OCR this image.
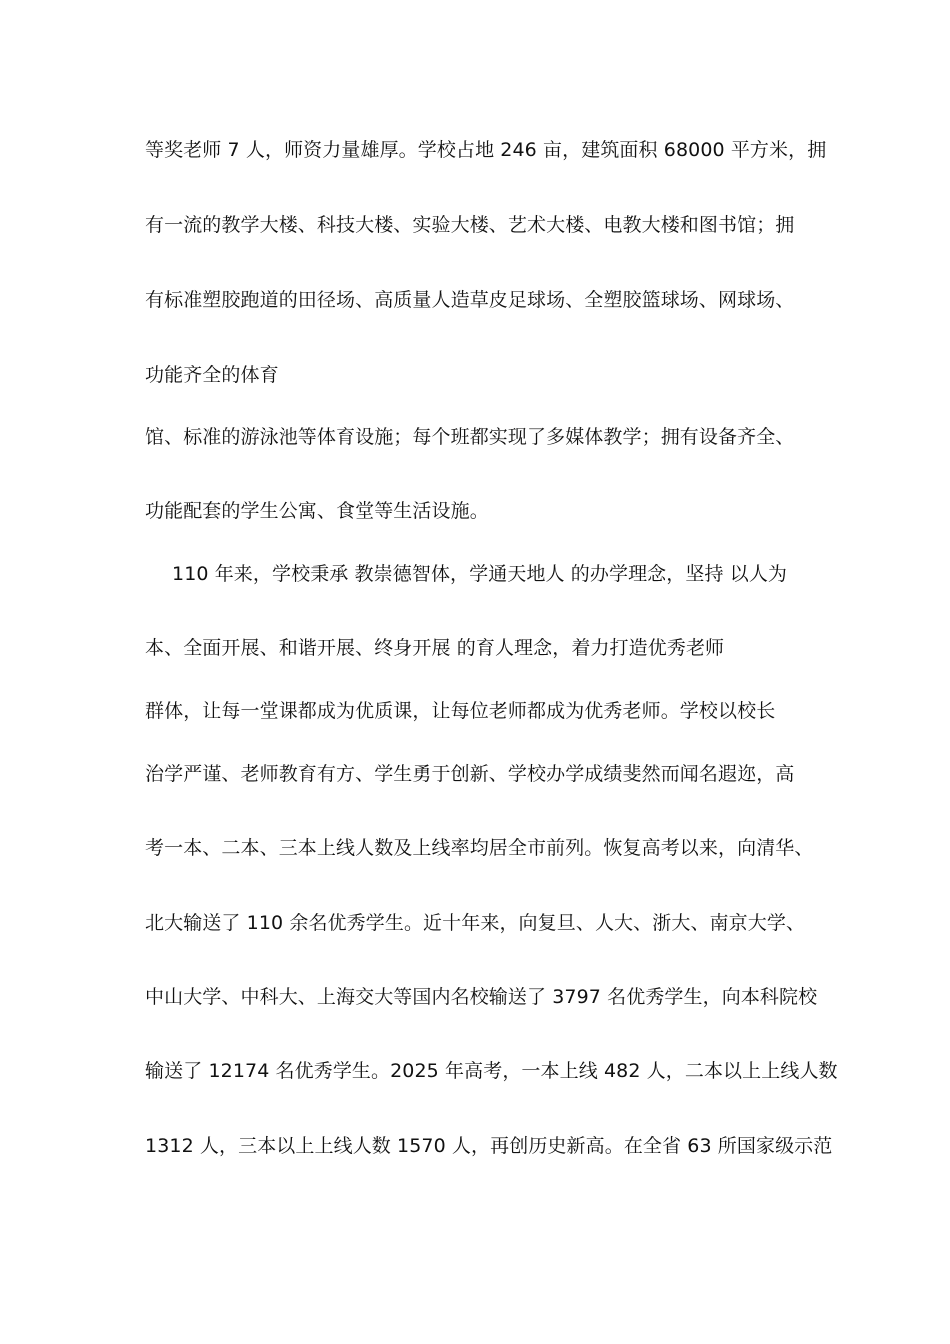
等奖老师 7 人，师资力量雄厚。学校占地 246 亩，建筑面积 68000 平方米，拥
有一流的教学大楼、科技大楼、实验大楼、艺术大楼、电教大楼和图书馆；拥
有标准塑胶跑道的田径场、高质量人造草皮足球场、全塑胶篮球场、网球场、
功能齐全的体育
馆、标准的游泳池等体育设施；每个班都实现了多媒体教学；拥有设备齐全、
功能配套的学生公寓、食堂等生活设施。
110 年来，学校秉承 教崇德智体，学通天地人 的办学理念，坚持 以人为
本、全面开展、和谐开展、终身开展 的育人理念，着力打造优秀老师
群体，让每一堂课都成为优质课，让每位老师都成为优秀老师。学校以校长
治学严谨、老师教育有方、学生勇于创新、学校办学成绩斐然而闻名遐迩，高
考一本、二本、三本上线人数及上线率均居全市前列。恢复高考以来，向清华、
北大输送了 110 余名优秀学生。近十年来，向复旦、人大、浙大、南京大学、
中山大学、中科大、上海交大等国内名校输送了 3797 名优秀学生，向本科院校
输送了 12174 名优秀学生。2025 年高考，一本上线 482 人，二本以上上线人数
1312 人，三本以上上线人数 1570 人，再创历史新高。在全省 63 所国家级示范
